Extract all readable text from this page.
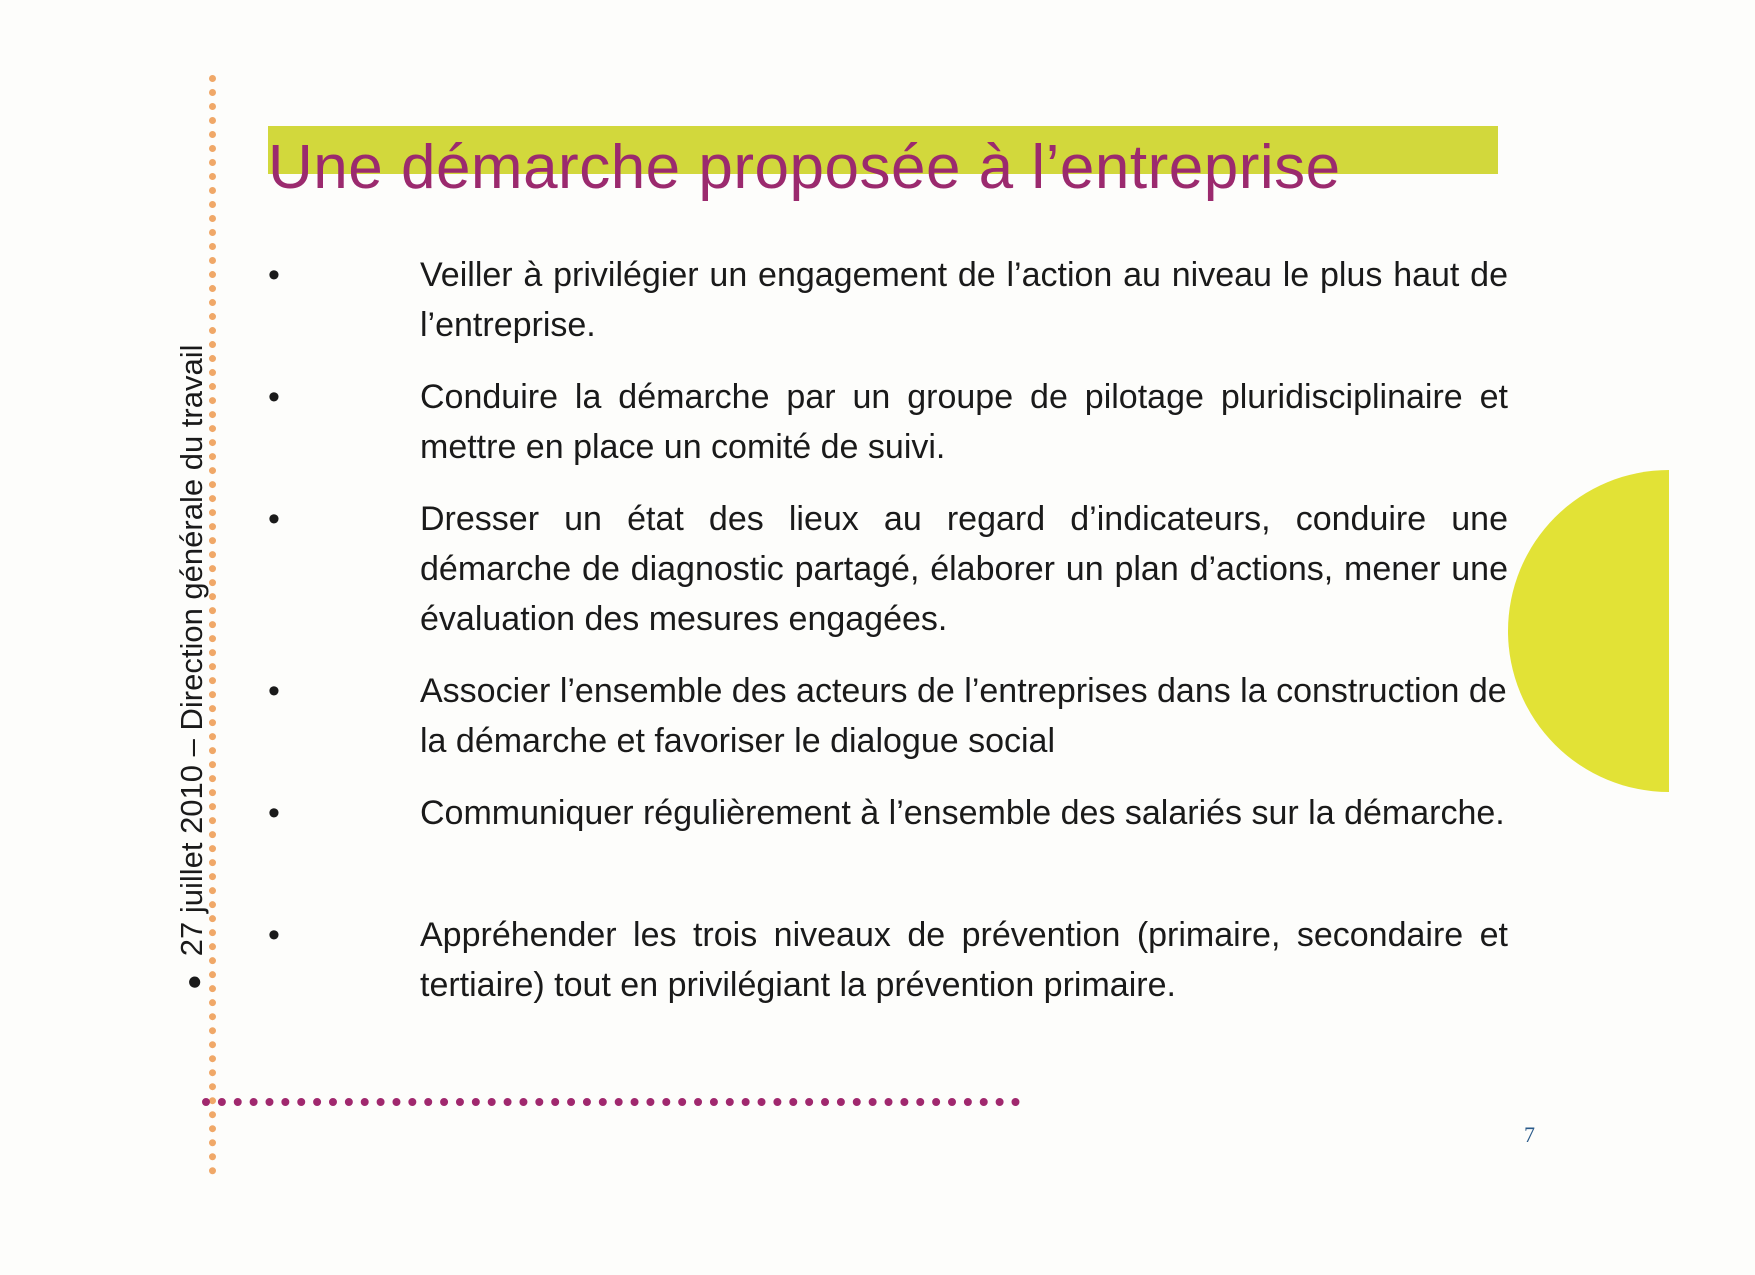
●27 juillet 2010 – Direction générale du travail
Une démarche proposée à l’entreprise
•	Veiller à privilégier un engagement de l’action au niveau le plus haut de l’entreprise.
•	Conduire la démarche par un groupe de pilotage pluridisciplinaire et mettre en place un comité de suivi.
•	Dresser un état des lieux au regard d’indicateurs, conduire une démarche de diagnostic partagé, élaborer un plan d’actions, mener une évaluation des mesures engagées.
•	Associer l’ensemble des acteurs de l’entreprises dans la construction de la démarche et favoriser le dialogue social
•	Communiquer régulièrement à l’ensemble des salariés sur la démarche.
•	Appréhender les trois niveaux de prévention (primaire, secondaire et tertiaire) tout en privilégiant la prévention primaire.
7
